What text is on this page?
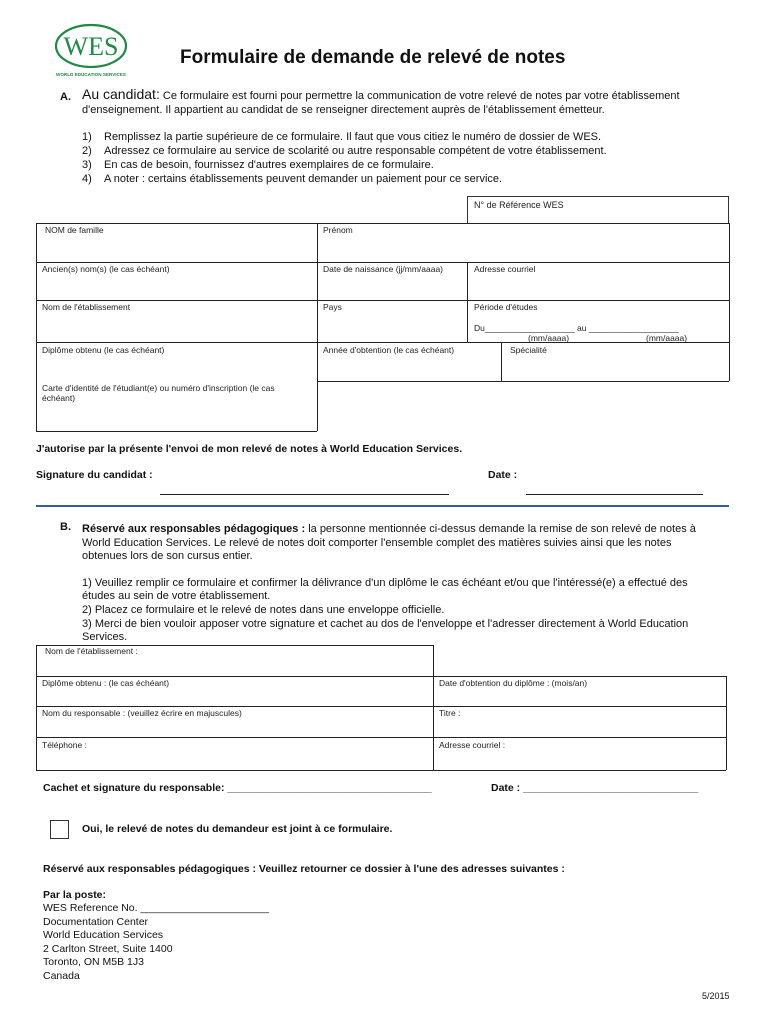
WES
WORLD EDUCATION SERVICES
Formulaire de demande de relevé de notes
A. Au candidat: Ce formulaire est fourni pour permettre la communication de votre relevé de notes par votre établissement
d'enseignement. Il appartient au candidat de se renseigner directement auprès de l'établissement émetteur.
1)	Remplissez la partie supérieure de ce formulaire. Il faut que vous citiez le numéro de dossier de WES.
2)	Adressez ce formulaire au service de scolarité ou autre responsable compétent de votre établissement.
3)	En cas de besoin, fournissez d'autres exemplaires de ce formulaire.
4)	A noter : certains établissements peuvent demander un paiement pour ce service.
N° de Référence WES
NOM de famille	Prénom
Ancien(s) nom(s) (le cas échéant)	Date de naissance (jj/mm/aaaa)	Adresse courriel
Nom de l'établissement	Pays	Période d'études
Du___________________ au ___________________
(mm/aaaa)	(mm/aaaa)
Diplôme obtenu (le cas échéant)	Année d'obtention (le cas échéant)	Spécialité
Carte d'identité de l'étudiant(e) ou numéro d'inscription (le cas
échéant)
J'autorise par la présente l'envoi de mon relevé de notes à World Education Services.
Signature du candidat :	Date :
B. Réservé aux responsables pédagogiques : la personne mentionnée ci-dessus demande la remise de son relevé de notes à
World Education Services. Le relevé de notes doit comporter l'ensemble complet des matières suivies ainsi que les notes
obtenues lors de son cursus entier.
1) Veuillez remplir ce formulaire et confirmer la délivrance d'un diplôme le cas échéant et/ou que l'intéressé(e) a effectué des
études au sein de votre établissement.
2) Placez ce formulaire et le relevé de notes dans une enveloppe officielle.
3) Merci de bien vouloir apposer votre signature et cachet au dos de l'enveloppe et l'adresser directement à World Education
Services.
Nom de l'établissement :
Diplôme obtenu : (le cas échéant)	Date d'obtention du diplôme : (mois/an)
Nom du responsable : (veuillez écrire en majuscules)	Titre :
Téléphone :	Adresse courriel :
Cachet et signature du responsable: ___________________________________	Date : ______________________________
Oui, le relevé de notes du demandeur est joint à ce formulaire.
Réservé aux responsables pédagogiques : Veuillez retourner ce dossier à l'une des adresses suivantes :
Par la poste:
WES Reference No. ______________________
Documentation Center
World Education Services
2 Carlton Street, Suite 1400
Toronto, ON M5B 1J3
Canada
5/2015
